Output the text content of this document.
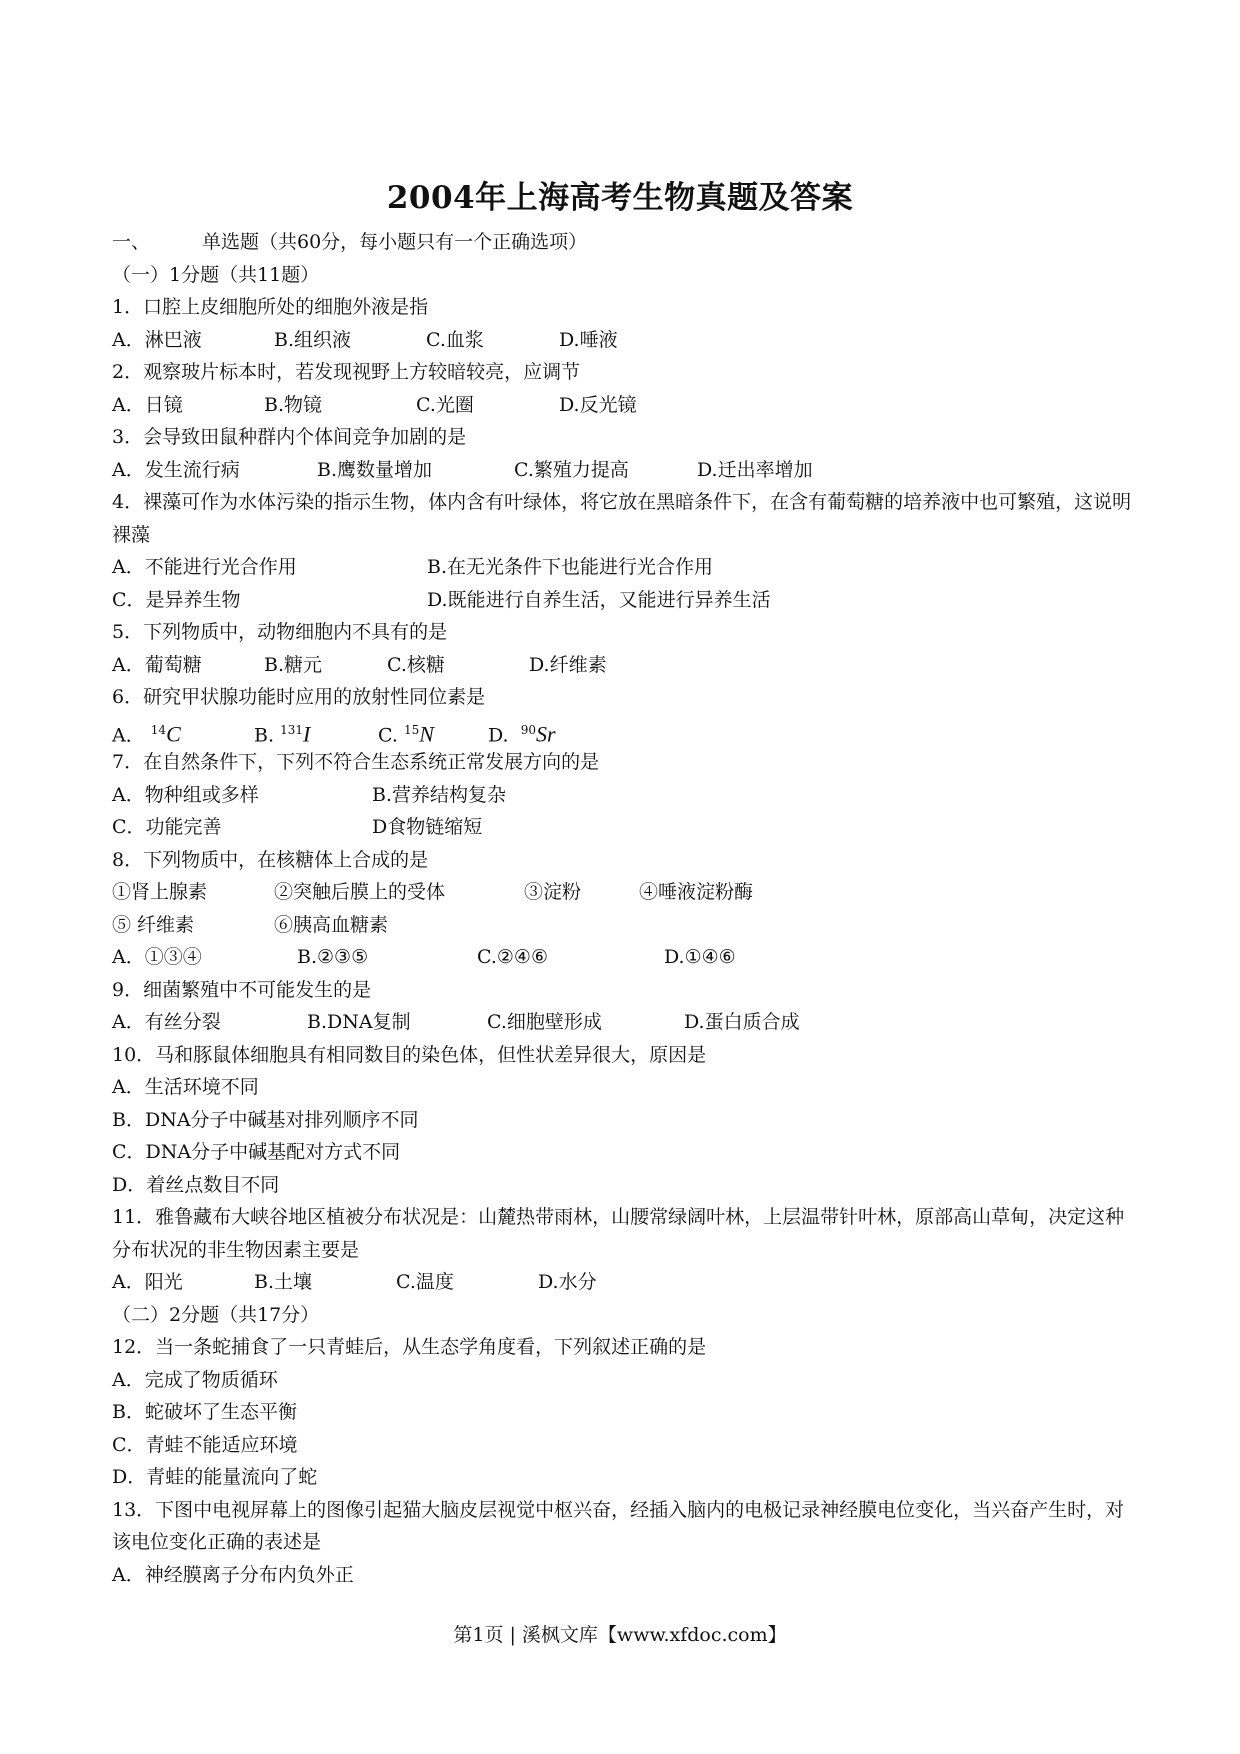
2004年上海高考生物真题及答案
一、	单选题（共60分，每小题只有一个正确选项）
（一）1分题（共11题）
1．口腔上皮细胞所处的细胞外液是指
A．淋巴液	B.组织液	C.血浆	D.唾液
2．观察玻片标本时，若发现视野上方较暗较亮，应调节
A．日镜	B.物镜	C.光圈	D.反光镜
3．会导致田鼠种群内个体间竞争加剧的是
A．发生流行病	B.鹰数量增加	C.繁殖力提高	D.迁出率增加
4．裸藻可作为水体污染的指示生物，体内含有叶绿体，将它放在黑暗条件下，在含有葡萄糖的培养液中也可繁殖，这说明裸藻
A．不能进行光合作用	B.在无光条件下也能进行光合作用
C．是异养生物	D.既能进行自养生活，又能进行异养生活
5．下列物质中，动物细胞内不具有的是
A．葡萄糖	B.糖元	C.核糖	D.纤维素
6．研究甲状腺功能时应用的放射性同位素是
A． $^{14}$C	B. $^{131}$I	C. $^{15}$N	D. $^{90}$Sr
7．在自然条件下，下列不符合生态系统正常发展方向的是
A．物种组或多样	B.营养结构复杂
C．功能完善	D食物链缩短
8．下列物质中，在核糖体上合成的是
①肾上腺素	②突触后膜上的受体	③淀粉	④唾液淀粉酶
⑤ 纤维素	⑥胰高血糖素
A．①③④	B.②③⑤	C.②④⑥	D.①④⑥
9．细菌繁殖中不可能发生的是
A．有丝分裂	B.DNA复制	C.细胞壁形成	D.蛋白质合成
10．马和豚鼠体细胞具有相同数目的染色体，但性状差异很大，原因是
A．生活环境不同
B．DNA分子中碱基对排列顺序不同
C．DNA分子中碱基配对方式不同
D．着丝点数目不同
11．雅鲁藏布大峡谷地区植被分布状况是：山麓热带雨林，山腰常绿阔叶林，上层温带针叶林，原部高山草甸，决定这种分布状况的非生物因素主要是
A．阳光	B.土壤	C.温度	D.水分
（二）2分题（共17分）
12．当一条蛇捕食了一只青蛙后，从生态学角度看，下列叙述正确的是
A．完成了物质循环
B．蛇破坏了生态平衡
C．青蛙不能适应环境
D．青蛙的能量流向了蛇
13．下图中电视屏幕上的图像引起猫大脑皮层视觉中枢兴奋，经插入脑内的电极记录神经膜电位变化，当兴奋产生时，对该电位变化正确的表述是
A．神经膜离子分布内负外正
第1页 | 溪枫文库【www.xfdoc.com】
